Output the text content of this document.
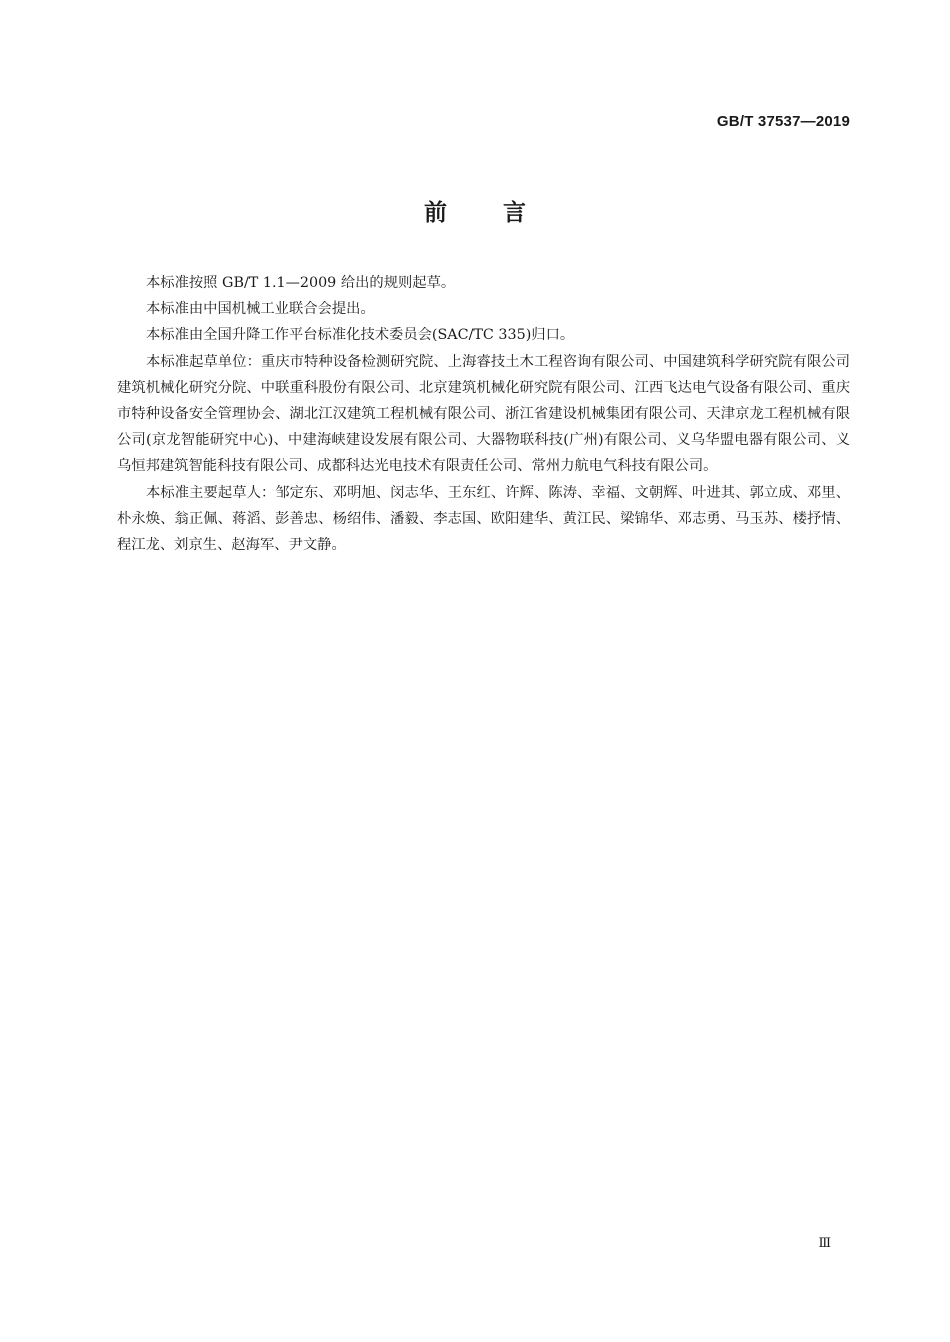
GB/T 37537—2019
前言

本标准按照 GB/T 1.1—2009 给出的规则起草。

本标准由中国机械工业联合会提出。

本标准由全国升降工作平台标准化技术委员会(SAC/TC 335)归口。

本标准起草单位：重庆市特种设备检测研究院、上海睿技土木工程咨询有限公司、中国建筑科学研究院有限公司建筑机械化研究分院、中联重科股份有限公司、北京建筑机械化研究院有限公司、江西飞达电气设备有限公司、重庆市特种设备安全管理协会、湖北江汉建筑工程机械有限公司、浙江省建设机械集团有限公司、天津京龙工程机械有限公司(京龙智能研究中心)、中建海峡建设发展有限公司、大器物联科技(广州)有限公司、义乌华盟电器有限公司、义乌恒邦建筑智能科技有限公司、成都科达光电技术有限责任公司、常州力航电气科技有限公司。

本标准主要起草人：邹定东、邓明旭、闵志华、王东红、许辉、陈涛、幸福、文朝辉、叶进其、郭立成、邓里、朴永焕、翁正佩、蒋滔、彭善忠、杨绍伟、潘毅、李志国、欧阳建华、黄江民、梁锦华、邓志勇、马玉苏、楼抒情、程江龙、刘京生、赵海军、尹文静。

Ⅲ
